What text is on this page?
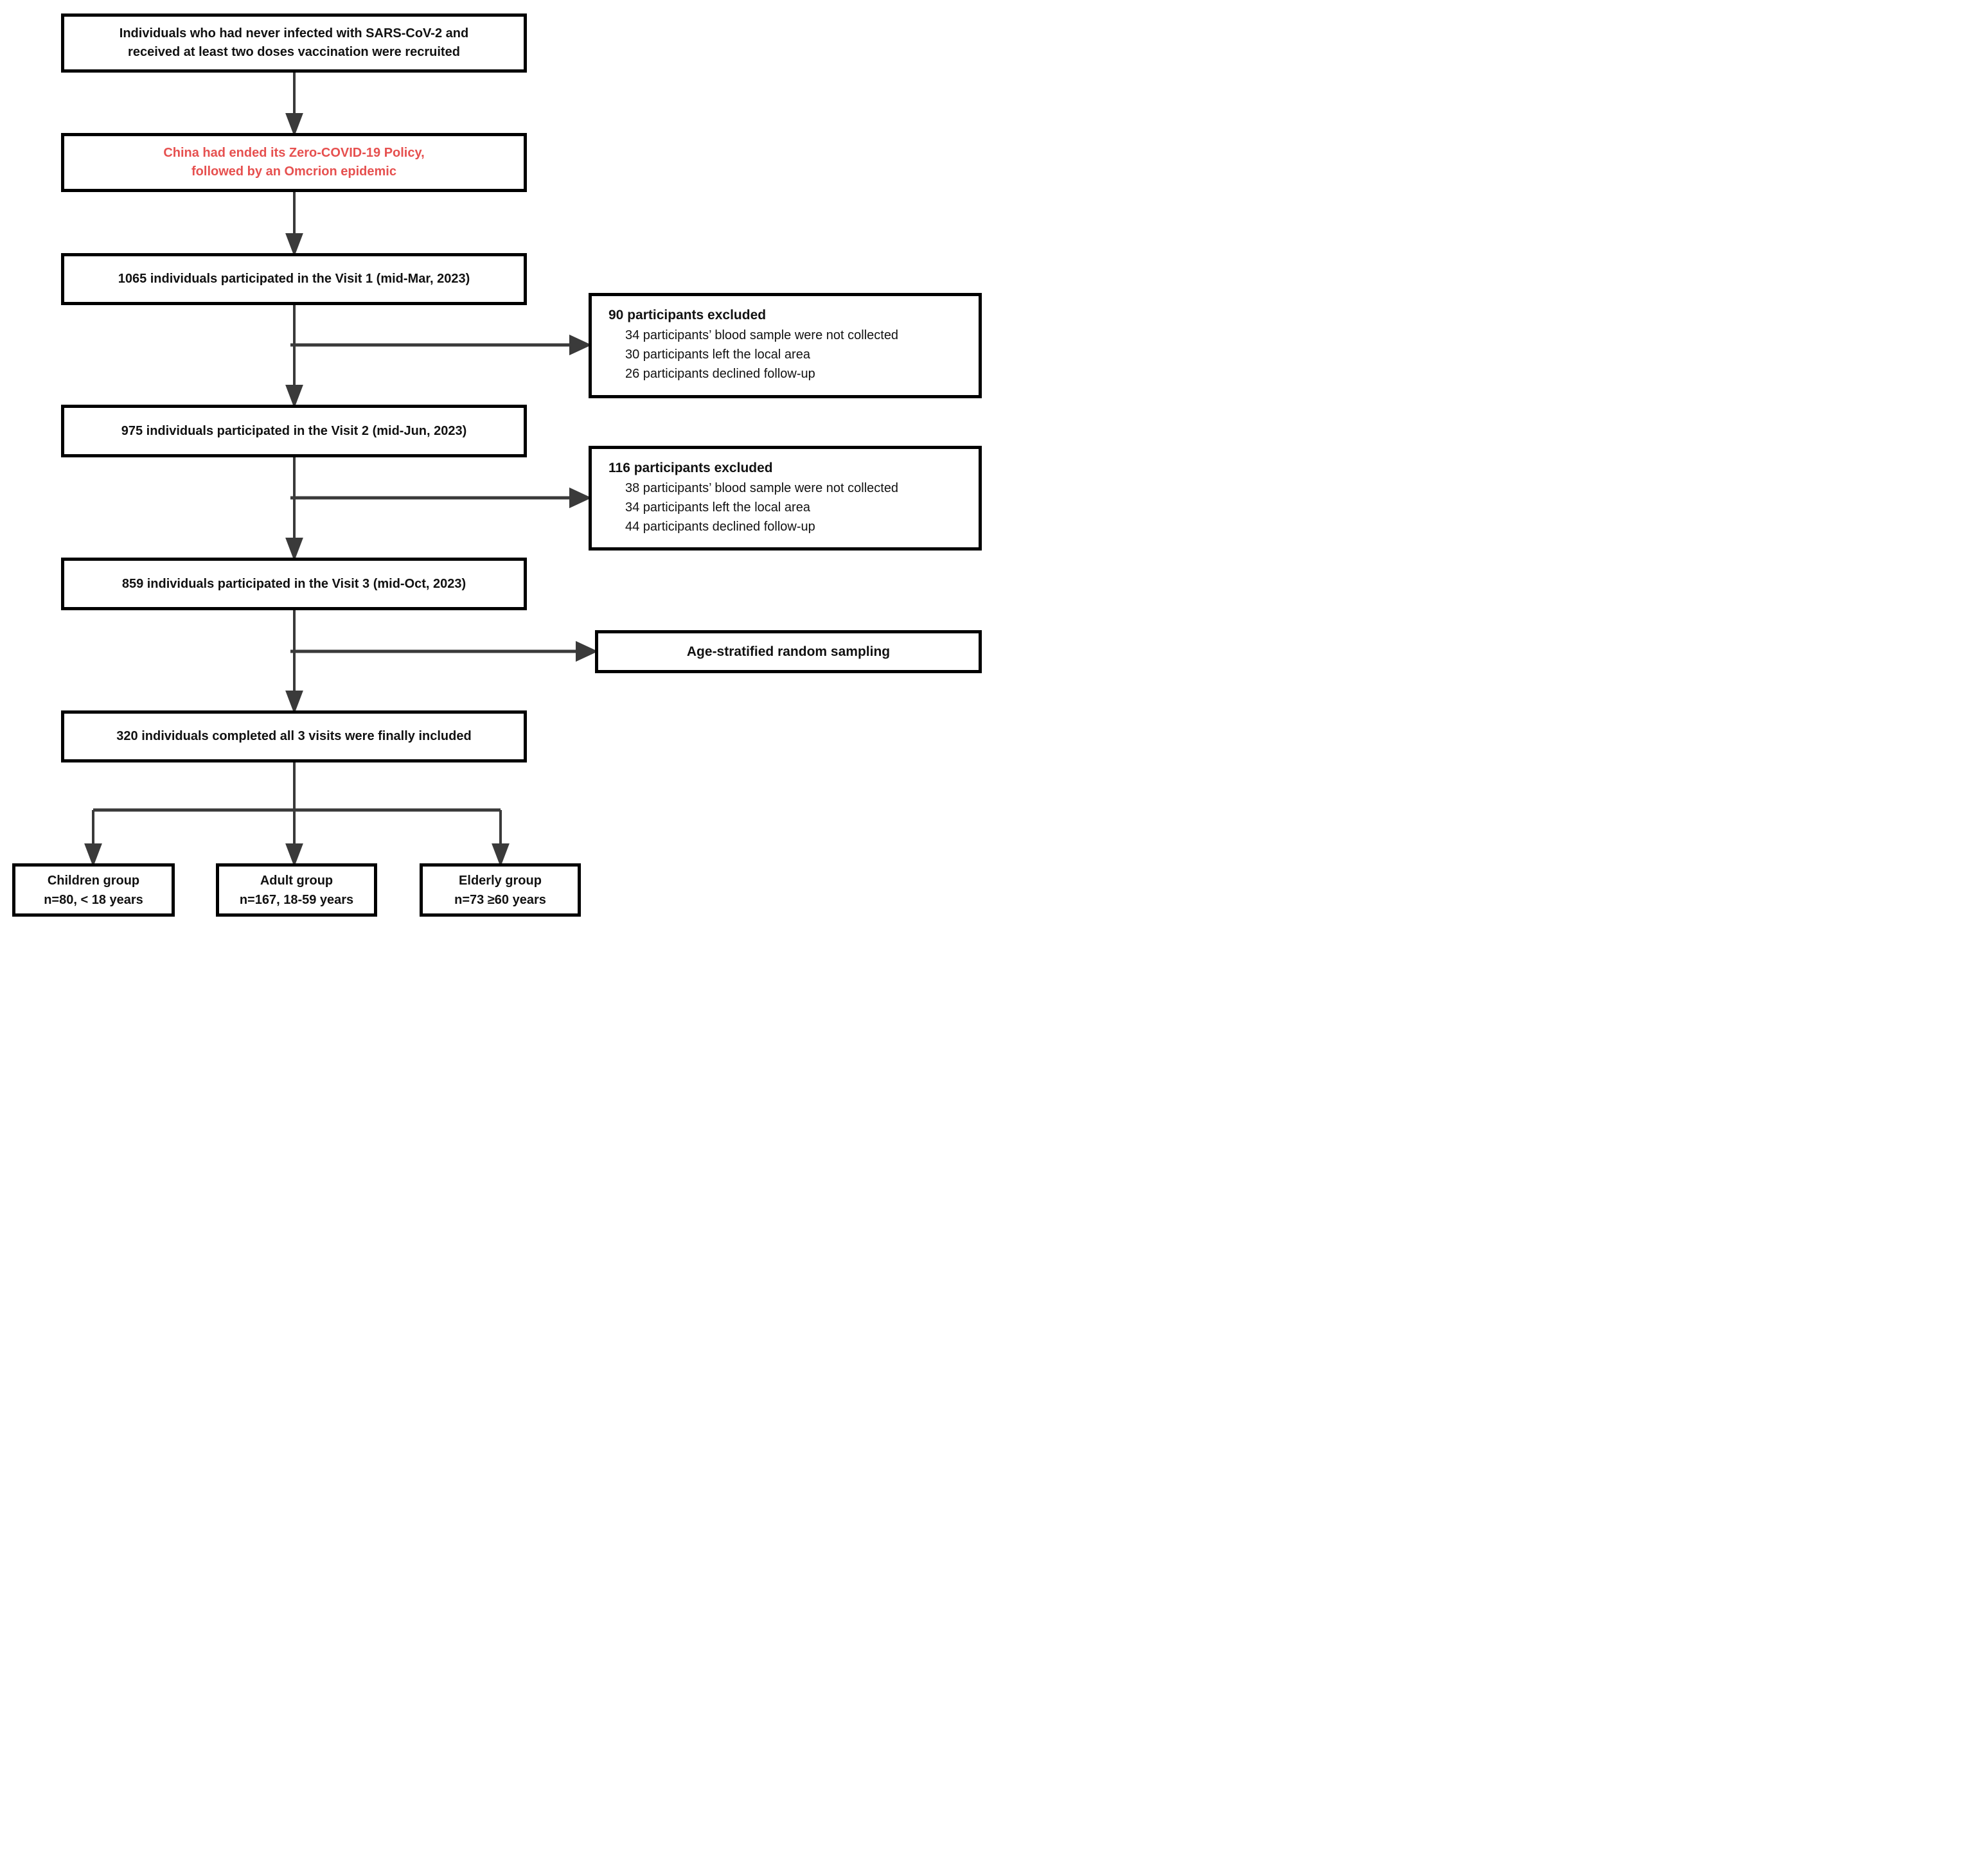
Individuals who had never infected with SARS-CoV-2 and
received at least two doses vaccination were recruited
China had ended its Zero-COVID-19 Policy,
followed by an Omcrion epidemic
1065 individuals participated in the Visit 1 (mid-Mar, 2023)
90 participants excluded
34 participants’ blood sample were not collected
30 participants left the local area
26 participants declined follow-up
975 individuals participated in the Visit 2 (mid-Jun, 2023)
116 participants excluded
38 participants’ blood sample were not collected
34 participants left the local area
44 participants declined follow-up
859 individuals participated in the Visit 3 (mid-Oct, 2023)
Age-stratified random sampling
320 individuals completed all 3 visits were finally included
Children group
n=80, < 18 years
Adult group
n=167, 18-59 years
Elderly group
n=73 ≥60 years
